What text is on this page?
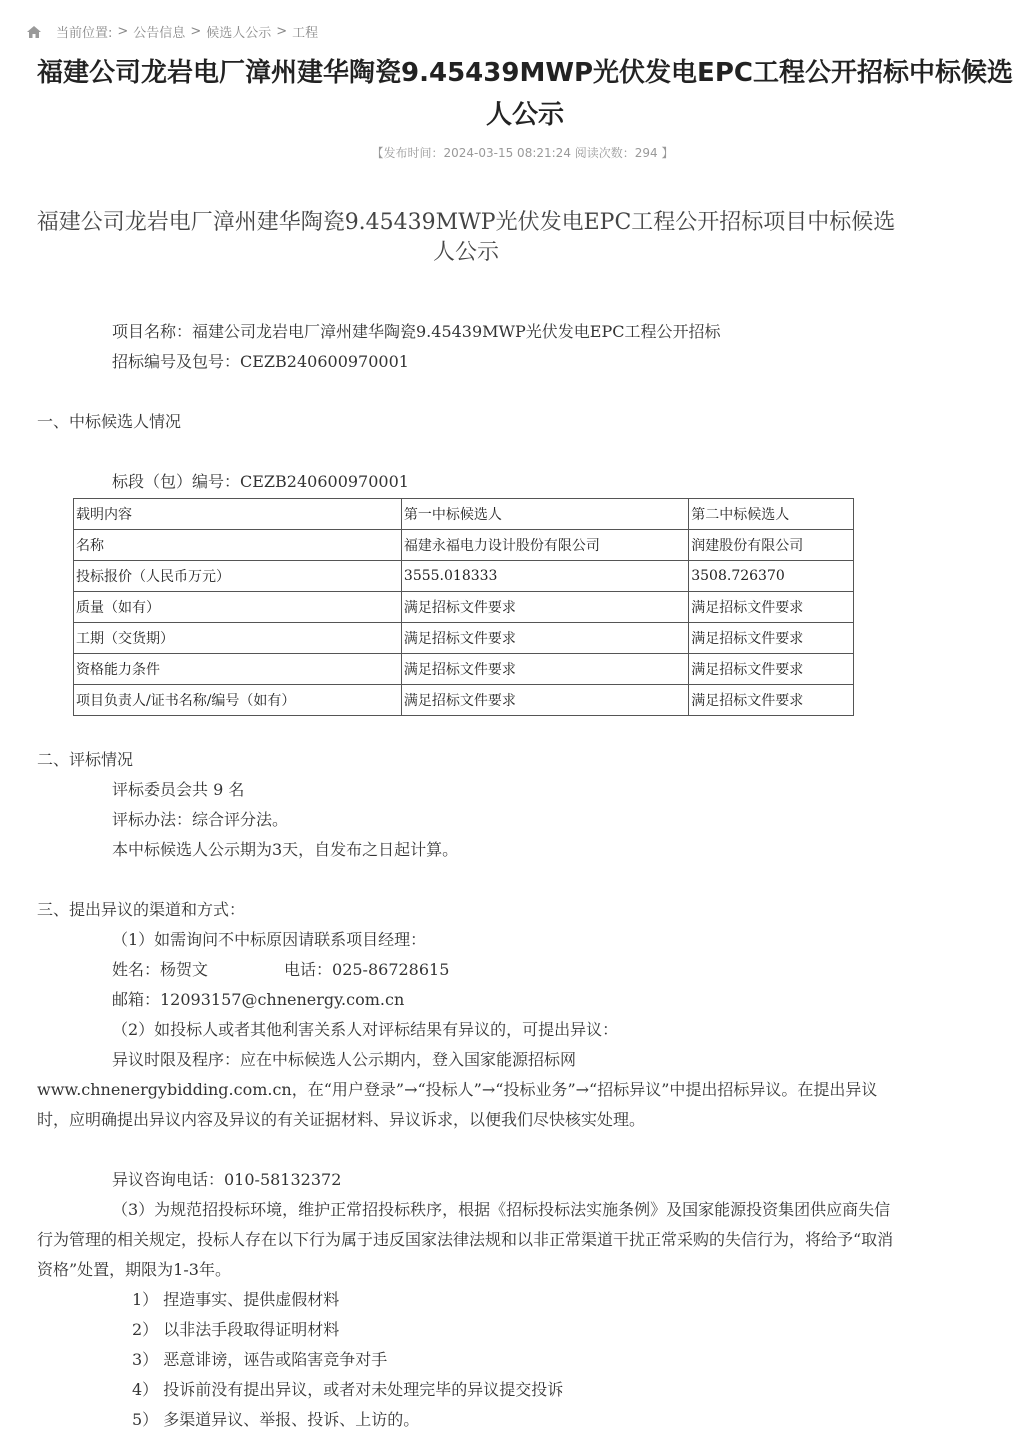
当前位置: > 公告信息 > 候选人公示 > 工程
福建公司龙岩电厂漳州建华陶瓷9.45439MWP光伏发电EPC工程公开招标中标候选人公示
【发布时间：2024-03-15 08:21:24 阅读次数：294 】
福建公司龙岩电厂漳州建华陶瓷9.45439MWP光伏发电EPC工程公开招标项目中标候选人公示
项目名称：福建公司龙岩电厂漳州建华陶瓷9.45439MWP光伏发电EPC工程公开招标
招标编号及包号：CEZB240600970001
一、中标候选人情况
标段（包）编号：CEZB240600970001
载明内容	第一中标候选人	第二中标候选人
名称	福建永福电力设计股份有限公司	润建股份有限公司
投标报价（人民币万元）	3555.018333	3508.726370
质量（如有）	满足招标文件要求	满足招标文件要求
工期（交货期）	满足招标文件要求	满足招标文件要求
资格能力条件	满足招标文件要求	满足招标文件要求
项目负责人/证书名称/编号（如有）	满足招标文件要求	满足招标文件要求
二、评标情况
评标委员会共 9 名
评标办法：综合评分法。
本中标候选人公示期为3天，自发布之日起计算。
三、提出异议的渠道和方式：
（1）如需询问不中标原因请联系项目经理：
姓名：杨贺文	电话：025-86728615
邮箱：12093157@chnenergy.com.cn
（2）如投标人或者其他利害关系人对评标结果有异议的，可提出异议：
异议时限及程序：应在中标候选人公示期内，登入国家能源招标网
www.chnenergybidding.com.cn，在“用户登录”→“投标人”→“投标业务”→“招标异议”中提出招标异议。在提出异议时，应明确提出异议内容及异议的有关证据材料、异议诉求，以便我们尽快核实处理。
异议咨询电话：010-58132372
（3）为规范招投标环境，维护正常招投标秩序，根据《招标投标法实施条例》及国家能源投资集团供应商失信行为管理的相关规定，投标人存在以下行为属于违反国家法律法规和以非正常渠道干扰正常采购的失信行为，将给予“取消资格”处置，期限为1-3年。
1） 捏造事实、提供虚假材料
2） 以非法手段取得证明材料
3） 恶意诽谤，诬告或陷害竞争对手
4） 投诉前没有提出异议，或者对未处理完毕的异议提交投诉
5） 多渠道异议、举报、投诉、上访的。
